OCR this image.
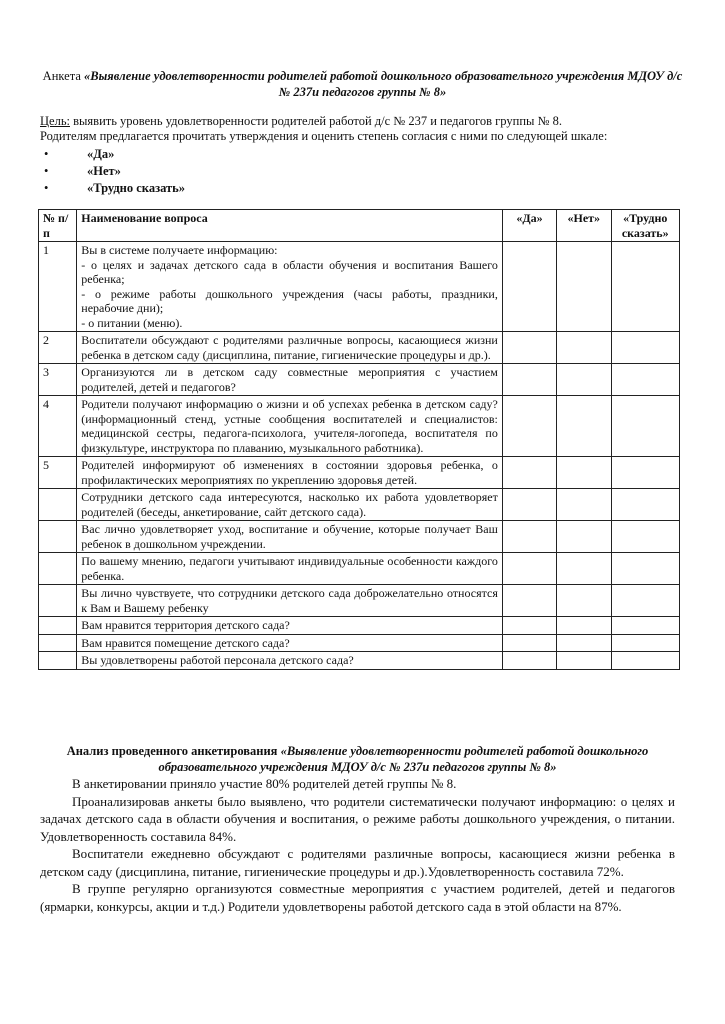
Анкета «Выявление удовлетворенности родителей работой дошкольного образовательного учреждения МДОУ д/с № 237и педагогов группы № 8»
Цель: выявить уровень удовлетворенности родителей работой д/с № 237 и педагогов группы № 8.
Родителям предлагается прочитать утверждения и оценить степень согласия с ними по следующей шкале:
•	«Да»
•	«Нет»
•	«Трудно сказать»
№ п/п	Наименование вопроса	«Да»	«Нет»	«Трудно сказать»
1	Вы в системе получаете информацию:
- о целях и задачах детского сада в области обучения и воспитания Вашего ребенка;
- о режиме работы дошкольного учреждения (часы работы, праздники, нерабочие дни);
- о питании (меню).			
2	Воспитатели обсуждают с родителями различные вопросы, касающиеся жизни ребенка в детском саду (дисциплина, питание, гигиенические процедуры и др.).			
3	Организуются ли в детском саду совместные мероприятия с участием родителей, детей и педагогов?			
4	Родители получают информацию о жизни и об успехах ребенка в детском саду? (информационный стенд, устные сообщения воспитателей и специалистов: медицинской сестры, педагога-психолога, учителя-логопеда, воспитателя по физкультуре, инструктора по плаванию, музыкального работника).			
5	Родителей информируют об изменениях в состоянии здоровья ребенка, о профилактических мероприятиях по укреплению здоровья детей.			
	Сотрудники детского сада интересуются, насколько их работа удовлетворяет родителей (беседы, анкетирование, сайт детского сада).			
	Вас лично удовлетворяет уход, воспитание и обучение, которые получает Ваш ребенок в дошкольном учреждении.			
	По вашему мнению, педагоги учитывают индивидуальные особенности каждого ребенка.			
	Вы лично чувствуете, что сотрудники детского сада доброжелательно относятся к Вам и Вашему ребенку			
	Вам нравится территория детского сада?			
	Вам нравится помещение детского сада?			
	Вы удовлетворены работой персонала детского сада?			
Анализ проведенного анкетирования «Выявление удовлетворенности родителей работой дошкольного образовательного учреждения МДОУ д/с № 237и педагогов группы № 8»

В анкетировании приняло участие 80% родителей детей группы № 8.

Проанализировав анкеты было выявлено, что родители систематически получают информацию: о целях и задачах детского сада в области обучения и воспитания, о режиме работы дошкольного учреждения, о питании. Удовлетворенность составила 84%.

Воспитатели ежедневно обсуждают с родителями различные вопросы, касающиеся жизни ребенка в детском саду (дисциплина, питание, гигиенические процедуры и др.).Удовлетворенность составила 72%.

В группе регулярно организуются совместные мероприятия с участием родителей, детей и педагогов (ярмарки, конкурсы, акции и т.д.) Родители удовлетворены работой детского сада в этой области на 87%.
